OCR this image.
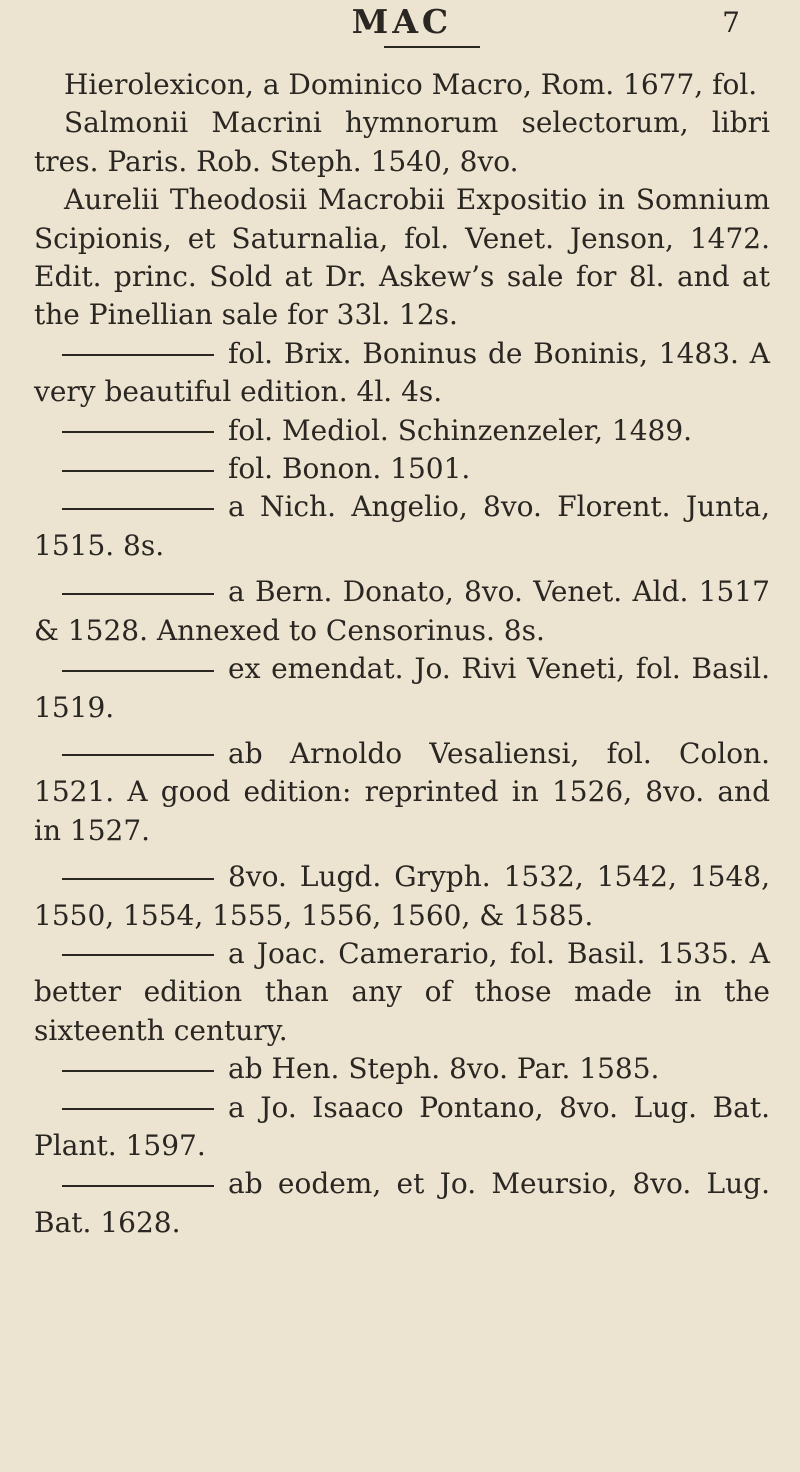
MAC	7
Hierolexicon, a Dominico Macro, Rom. 1677, fol.
Salmonii Macrini hymnorum selectorum, libri tres. Paris. Rob. Steph. 1540, 8vo.
Aurelii Theodosii Macrobii Expositio in Somnium Scipionis, et Saturnalia, fol. Venet. Jenson, 1472. Edit. princ. Sold at Dr. Askew’s sale for 8l. and at the Pinellian sale for 33l. 12s.
fol. Brix. Boninus de Boninis, 1483. A very beautiful edition. 4l. 4s.
fol. Mediol. Schinzenzeler, 1489.
fol. Bonon. 1501.
a Nich. Angelio, 8vo. Florent. Junta, 1515. 8s.
a Bern. Donato, 8vo. Venet. Ald. 1517 & 1528. Annexed to Censorinus. 8s.
ex emendat. Jo. Rivi Veneti, fol. Basil. 1519.
ab Arnoldo Vesaliensi, fol. Colon. 1521. A good edition: reprinted in 1526, 8vo. and in 1527.
8vo. Lugd. Gryph. 1532, 1542, 1548, 1550, 1554, 1555, 1556, 1560, & 1585.
a Joac. Camerario, fol. Basil. 1535. A better edition than any of those made in the sixteenth century.
ab Hen. Steph. 8vo. Par. 1585.
a Jo. Isaaco Pontano, 8vo. Lug. Bat. Plant. 1597.
ab eodem, et Jo. Meursio, 8vo. Lug. Bat. 1628.
